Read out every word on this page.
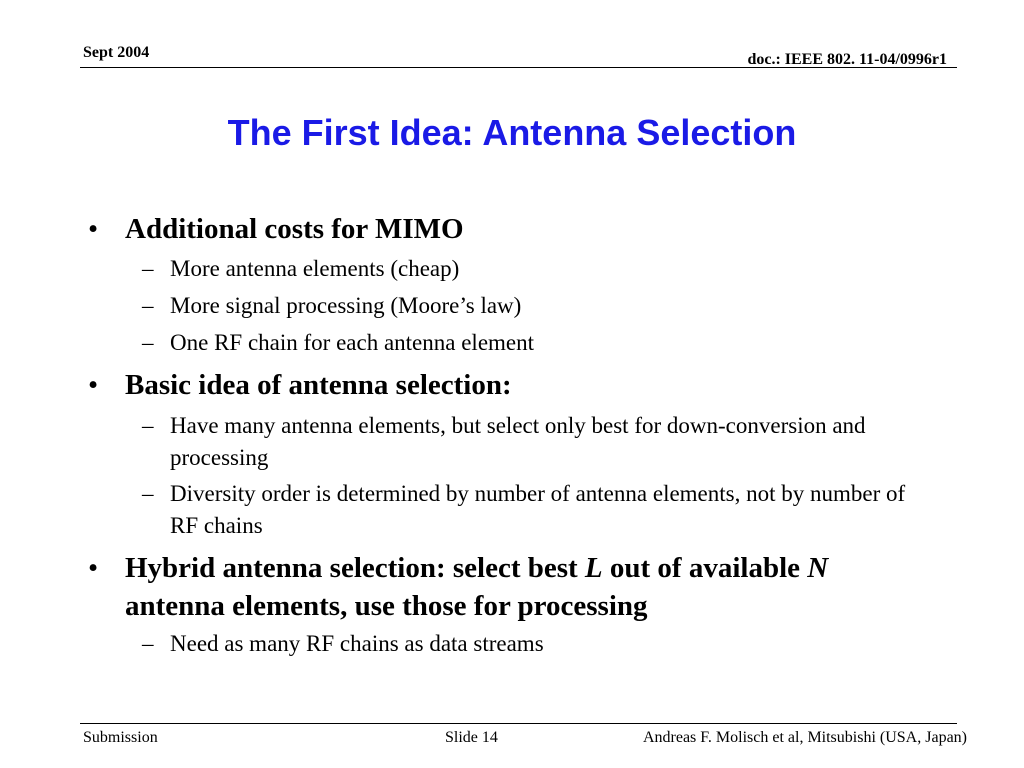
Sept 2004	doc.: IEEE 802. 11-04/0996r1
The First Idea: Antenna Selection
• Additional costs for MIMO
– More antenna elements (cheap)
– More signal processing (Moore’s law)
– One RF chain for each antenna element
• Basic idea of antenna selection:
– Have many antenna elements, but select only best for down-conversion and processing
– Diversity order is determined by number of antenna elements, not by number of RF chains
• Hybrid antenna selection: select best L out of available N antenna elements, use those for processing
– Need as many RF chains as data streams
Submission	Slide 14	Andreas F. Molisch et al, Mitsubishi (USA, Japan)
